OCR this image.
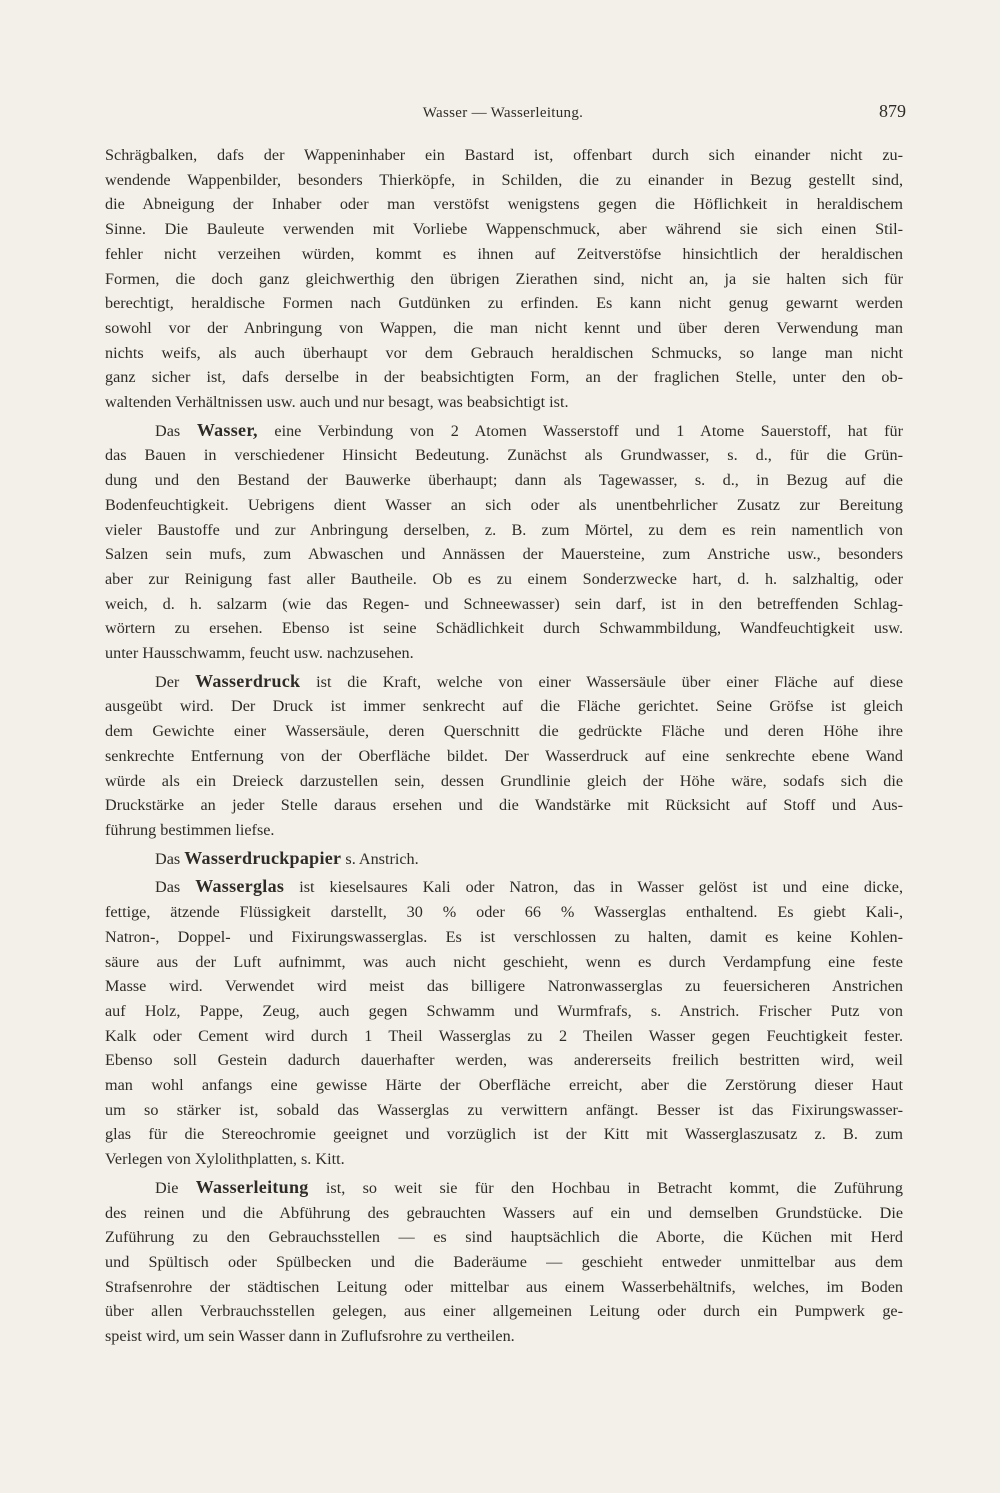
Wasser — Wasserleitung.	879
Schrägbalken, dafs der Wappeninhaber ein Bastard ist, offenbart durch sich einander nicht zu-
wendende Wappenbilder, besonders Thierköpfe, in Schilden, die zu einander in Bezug gestellt sind,
die Abneigung der Inhaber oder man verstöfst wenigstens gegen die Höflichkeit in heraldischem
Sinne. Die Bauleute verwenden mit Vorliebe Wappenschmuck, aber während sie sich einen Stil-
fehler nicht verzeihen würden, kommt es ihnen auf Zeitverstöfse hinsichtlich der heraldischen
Formen, die doch ganz gleichwerthig den übrigen Zierathen sind, nicht an, ja sie halten sich für
berechtigt, heraldische Formen nach Gutdünken zu erfinden. Es kann nicht genug gewarnt werden
sowohl vor der Anbringung von Wappen, die man nicht kennt und über deren Verwendung man
nichts weifs, als auch überhaupt vor dem Gebrauch heraldischen Schmucks, so lange man nicht
ganz sicher ist, dafs derselbe in der beabsichtigten Form, an der fraglichen Stelle, unter den ob-
waltenden Verhältnissen usw. auch und nur besagt, was beabsichtigt ist.
Das Wasser, eine Verbindung von 2 Atomen Wasserstoff und 1 Atome Sauerstoff, hat für
das Bauen in verschiedener Hinsicht Bedeutung. Zunächst als Grundwasser, s. d., für die Grün-
dung und den Bestand der Bauwerke überhaupt; dann als Tagewasser, s. d., in Bezug auf die
Bodenfeuchtigkeit. Uebrigens dient Wasser an sich oder als unentbehrlicher Zusatz zur Bereitung
vieler Baustoffe und zur Anbringung derselben, z. B. zum Mörtel, zu dem es rein namentlich von
Salzen sein mufs, zum Abwaschen und Annässen der Mauersteine, zum Anstriche usw., besonders
aber zur Reinigung fast aller Bautheile. Ob es zu einem Sonderzwecke hart, d. h. salzhaltig, oder
weich, d. h. salzarm (wie das Regen- und Schneewasser) sein darf, ist in den betreffenden Schlag-
wörtern zu ersehen. Ebenso ist seine Schädlichkeit durch Schwammbildung, Wandfeuchtigkeit usw.
unter Hausschwamm, feucht usw. nachzusehen.
Der Wasserdruck ist die Kraft, welche von einer Wassersäule über einer Fläche auf diese
ausgeübt wird. Der Druck ist immer senkrecht auf die Fläche gerichtet. Seine Gröfse ist gleich
dem Gewichte einer Wassersäule, deren Querschnitt die gedrückte Fläche und deren Höhe ihre
senkrechte Entfernung von der Oberfläche bildet. Der Wasserdruck auf eine senkrechte ebene Wand
würde als ein Dreieck darzustellen sein, dessen Grundlinie gleich der Höhe wäre, sodafs sich die
Druckstärke an jeder Stelle daraus ersehen und die Wandstärke mit Rücksicht auf Stoff und Aus-
führung bestimmen liefse.
Das Wasserdruckpapier s. Anstrich.
Das Wasserglas ist kieselsaures Kali oder Natron, das in Wasser gelöst ist und eine dicke,
fettige, ätzende Flüssigkeit darstellt, 30 % oder 66 % Wasserglas enthaltend. Es giebt Kali-,
Natron-, Doppel- und Fixirungswasserglas. Es ist verschlossen zu halten, damit es keine Kohlen-
säure aus der Luft aufnimmt, was auch nicht geschieht, wenn es durch Verdampfung eine feste
Masse wird. Verwendet wird meist das billigere Natronwasserglas zu feuersicheren Anstrichen
auf Holz, Pappe, Zeug, auch gegen Schwamm und Wurmfrafs, s. Anstrich. Frischer Putz von
Kalk oder Cement wird durch 1 Theil Wasserglas zu 2 Theilen Wasser gegen Feuchtigkeit fester.
Ebenso soll Gestein dadurch dauerhafter werden, was andererseits freilich bestritten wird, weil
man wohl anfangs eine gewisse Härte der Oberfläche erreicht, aber die Zerstörung dieser Haut
um so stärker ist, sobald das Wasserglas zu verwittern anfängt. Besser ist das Fixirungswasser-
glas für die Stereochromie geeignet und vorzüglich ist der Kitt mit Wasserglaszusatz z. B. zum
Verlegen von Xylolithplatten, s. Kitt.
Die Wasserleitung ist, so weit sie für den Hochbau in Betracht kommt, die Zuführung
des reinen und die Abführung des gebrauchten Wassers auf ein und demselben Grundstücke. Die
Zuführung zu den Gebrauchsstellen — es sind hauptsächlich die Aborte, die Küchen mit Herd
und Spültisch oder Spülbecken und die Baderäume — geschieht entweder unmittelbar aus dem
Strafsenrohre der städtischen Leitung oder mittelbar aus einem Wasserbehältnifs, welches, im Boden
über allen Verbrauchsstellen gelegen, aus einer allgemeinen Leitung oder durch ein Pumpwerk ge-
speist wird, um sein Wasser dann in Zuflufsrohre zu vertheilen.
